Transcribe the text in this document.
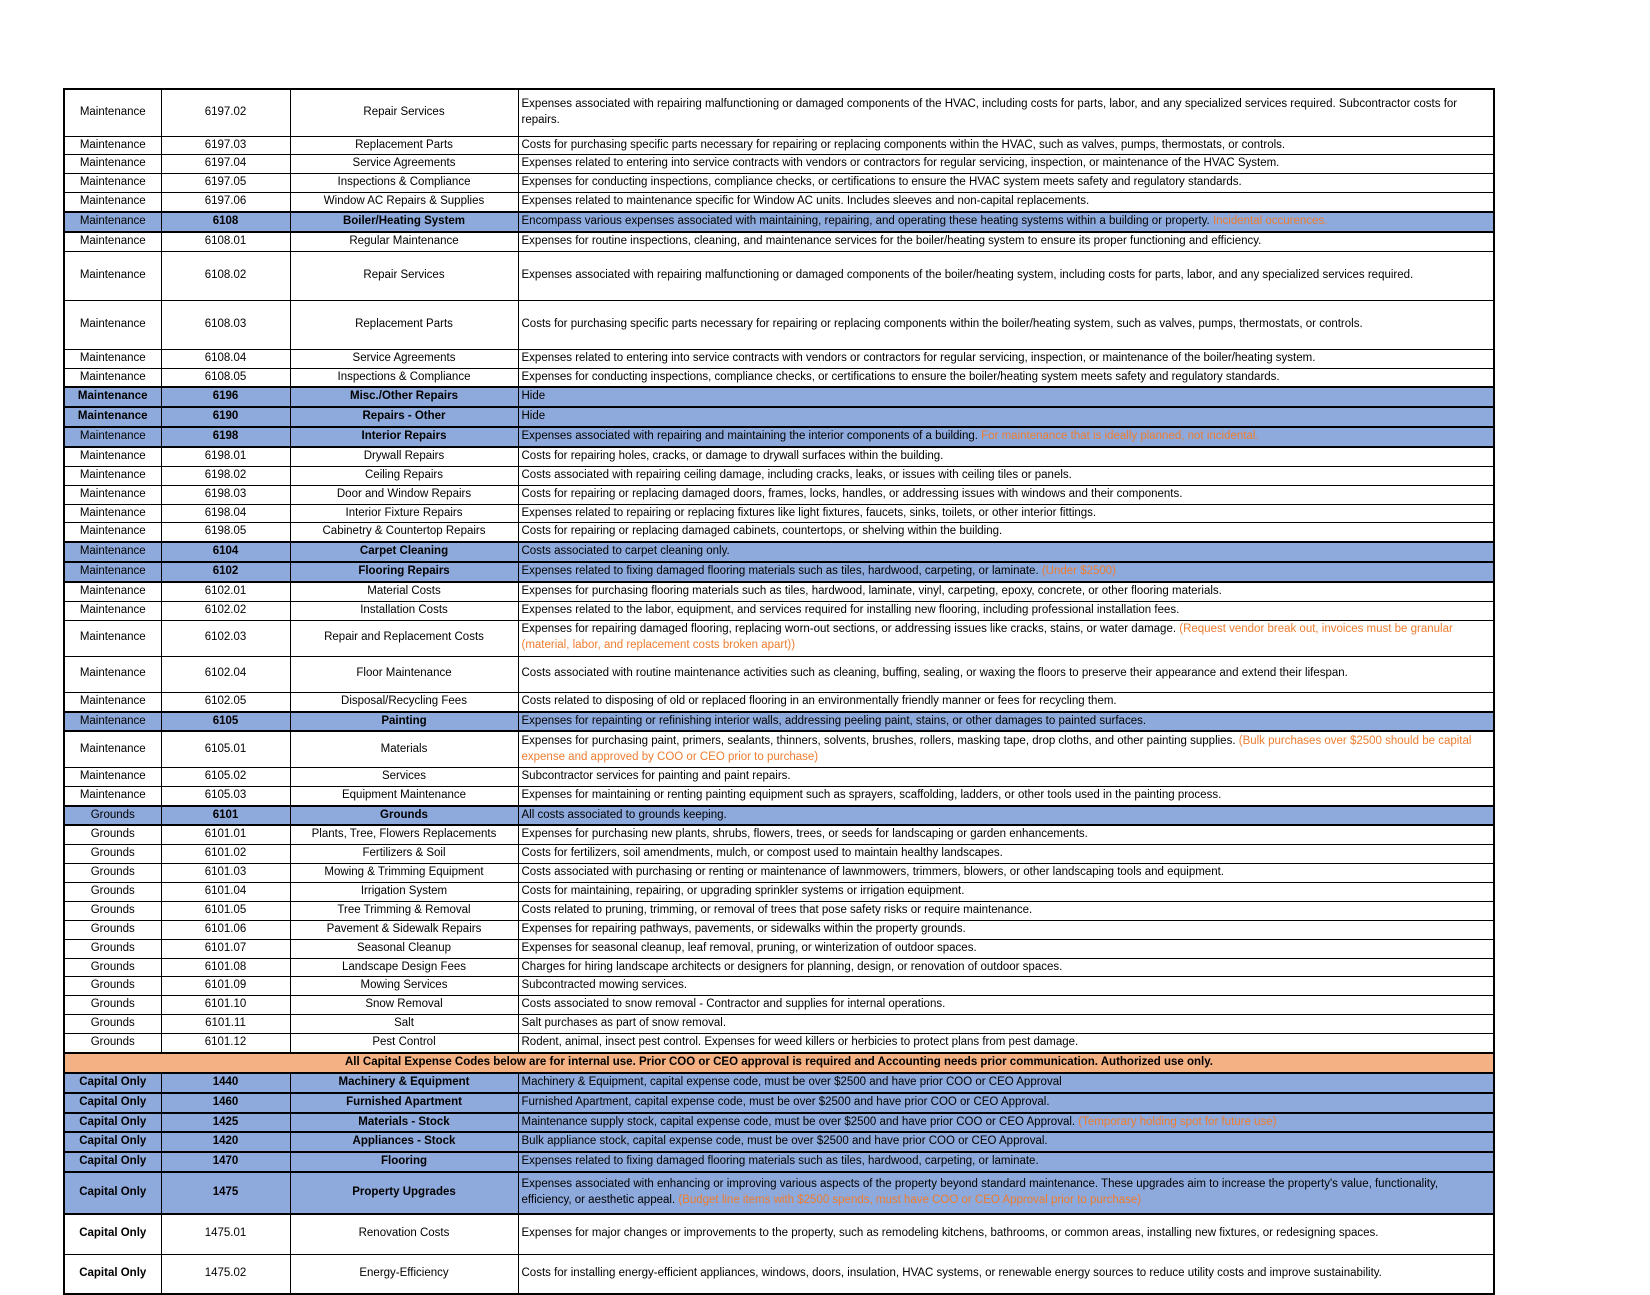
Maintenance	6197.02	Repair Services	Expenses associated with repairing malfunctioning or damaged components of the HVAC, including costs for parts, labor, and any specialized services required. Subcontractor costs for repairs.
Maintenance	6197.03	Replacement Parts	Costs for purchasing specific parts necessary for repairing or replacing components within the HVAC, such as valves, pumps, thermostats, or controls.
Maintenance	6197.04	Service Agreements	Expenses related to entering into service contracts with vendors or contractors for regular servicing, inspection, or maintenance of the HVAC System.
Maintenance	6197.05	Inspections & Compliance	Expenses for conducting inspections, compliance checks, or certifications to ensure the HVAC system meets safety and regulatory standards.
Maintenance	6197.06	Window AC Repairs & Supplies	Expenses related to maintenance specific for Window AC units. Includes sleeves and non-capital replacements.
Maintenance	6108	Boiler/Heating System	Encompass various expenses associated with maintaining, repairing, and operating these heating systems within a building or property. Incidental occurences.
Maintenance	6108.01	Regular Maintenance	Expenses for routine inspections, cleaning, and maintenance services for the boiler/heating system to ensure its proper functioning and efficiency.
Maintenance	6108.02	Repair Services	Expenses associated with repairing malfunctioning or damaged components of the boiler/heating system, including costs for parts, labor, and any specialized services required.
Maintenance	6108.03	Replacement Parts	Costs for purchasing specific parts necessary for repairing or replacing components within the boiler/heating system, such as valves, pumps, thermostats, or controls.
Maintenance	6108.04	Service Agreements	Expenses related to entering into service contracts with vendors or contractors for regular servicing, inspection, or maintenance of the boiler/heating system.
Maintenance	6108.05	Inspections & Compliance	Expenses for conducting inspections, compliance checks, or certifications to ensure the boiler/heating system meets safety and regulatory standards.
Maintenance	6196	Misc./Other Repairs	Hide
Maintenance	6190	Repairs - Other	Hide
Maintenance	6198	Interior Repairs	Expenses associated with repairing and maintaining the interior components of a building. For maintenance that is ideally planned, not incidental.
Maintenance	6198.01	Drywall Repairs	Costs for repairing holes, cracks, or damage to drywall surfaces within the building.
Maintenance	6198.02	Ceiling Repairs	Costs associated with repairing ceiling damage, including cracks, leaks, or issues with ceiling tiles or panels.
Maintenance	6198.03	Door and Window Repairs	Costs for repairing or replacing damaged doors, frames, locks, handles, or addressing issues with windows and their components.
Maintenance	6198.04	Interior Fixture Repairs	Expenses related to repairing or replacing fixtures like light fixtures, faucets, sinks, toilets, or other interior fittings.
Maintenance	6198.05	Cabinetry & Countertop Repairs	Costs for repairing or replacing damaged cabinets, countertops, or shelving within the building.
Maintenance	6104	Carpet Cleaning	Costs associated to carpet cleaning only.
Maintenance	6102	Flooring Repairs	Expenses related to fixing damaged flooring materials such as tiles, hardwood, carpeting, or laminate. (Under $2500)
Maintenance	6102.01	Material Costs	Expenses for purchasing flooring materials such as tiles, hardwood, laminate, vinyl, carpeting, epoxy, concrete, or other flooring materials.
Maintenance	6102.02	Installation Costs	Expenses related to the labor, equipment, and services required for installing new flooring, including professional installation fees.
Maintenance	6102.03	Repair and Replacement Costs	Expenses for repairing damaged flooring, replacing worn-out sections, or addressing issues like cracks, stains, or water damage. (Request vendor break out, invoices must be granular (material, labor, and replacement costs broken apart))
Maintenance	6102.04	Floor Maintenance	Costs associated with routine maintenance activities such as cleaning, buffing, sealing, or waxing the floors to preserve their appearance and extend their lifespan.
Maintenance	6102.05	Disposal/Recycling Fees	Costs related to disposing of old or replaced flooring in an environmentally friendly manner or fees for recycling them.
Maintenance	6105	Painting	Expenses for repainting or refinishing interior walls, addressing peeling paint, stains, or other damages to painted surfaces.
Maintenance	6105.01	Materials	Expenses for purchasing paint, primers, sealants, thinners, solvents, brushes, rollers, masking tape, drop cloths, and other painting supplies. (Bulk purchases over $2500 should be capital expense and approved by COO or CEO prior to purchase)
Maintenance	6105.02	Services	Subcontractor services for painting and paint repairs.
Maintenance	6105.03	Equipment Maintenance	Expenses for maintaining or renting painting equipment such as sprayers, scaffolding, ladders, or other tools used in the painting process.
Grounds	6101	Grounds	All costs associated to grounds keeping.
Grounds	6101.01	Plants, Tree, Flowers Replacements	Expenses for purchasing new plants, shrubs, flowers, trees, or seeds for landscaping or garden enhancements.
Grounds	6101.02	Fertilizers & Soil	Costs for fertilizers, soil amendments, mulch, or compost used to maintain healthy landscapes.
Grounds	6101.03	Mowing & Trimming Equipment	Costs associated with purchasing or renting or maintenance of lawnmowers, trimmers, blowers, or other landscaping tools and equipment.
Grounds	6101.04	Irrigation System	Costs for maintaining, repairing, or upgrading sprinkler systems or irrigation equipment.
Grounds	6101.05	Tree Trimming & Removal	Costs related to pruning, trimming, or removal of trees that pose safety risks or require maintenance.
Grounds	6101.06	Pavement & Sidewalk Repairs	Expenses for repairing pathways, pavements, or sidewalks within the property grounds.
Grounds	6101.07	Seasonal Cleanup	Expenses for seasonal cleanup, leaf removal, pruning, or winterization of outdoor spaces.
Grounds	6101.08	Landscape Design Fees	Charges for hiring landscape architects or designers for planning, design, or renovation of outdoor spaces.
Grounds	6101.09	Mowing Services	Subcontracted mowing services.
Grounds	6101.10	Snow Removal	Costs associated to snow removal - Contractor and supplies for internal operations.
Grounds	6101.11	Salt	Salt purchases as part of snow removal.
Grounds	6101.12	Pest Control	Rodent, animal, insect pest control. Expenses for weed killers or herbicies to protect plans from pest damage.
All Capital Expense Codes below are for internal use. Prior COO or CEO approval is required and Accounting needs prior communication. Authorized use only.			
Capital Only	1440	Machinery & Equipment	Machinery & Equipment, capital expense code, must be over $2500 and have prior COO or CEO Approval
Capital Only	1460	Furnished Apartment	Furnished Apartment, capital expense code, must be over $2500 and have prior COO or CEO Approval.
Capital Only	1425	Materials - Stock	Maintenance supply stock, capital expense code, must be over $2500 and have prior COO or CEO Approval. (Temporary holding spot for future use)
Capital Only	1420	Appliances - Stock	Bulk appliance stock, capital expense code, must be over $2500 and have prior COO or CEO Approval.
Capital Only	1470	Flooring	Expenses related to fixing damaged flooring materials such as tiles, hardwood, carpeting, or laminate.
Capital Only	1475	Property Upgrades	Expenses associated with enhancing or improving various aspects of the property beyond standard maintenance. These upgrades aim to increase the property's value, functionality, efficiency, or aesthetic appeal. (Budget line items with $2500 spends, must have COO or CEO Approval prior to purchase)
Capital Only	1475.01	Renovation Costs	Expenses for major changes or improvements to the property, such as remodeling kitchens, bathrooms, or common areas, installing new fixtures, or redesigning spaces.
Capital Only	1475.02	Energy-Efficiency	Costs for installing energy-efficient appliances, windows, doors, insulation, HVAC systems, or renewable energy sources to reduce utility costs and improve sustainability.
